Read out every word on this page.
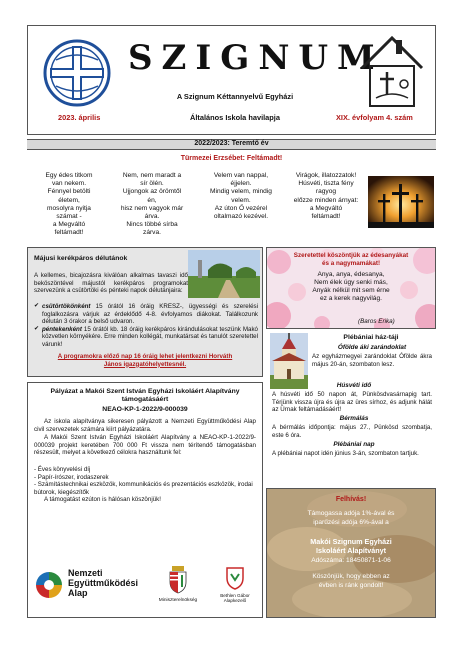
SZIGNUM
A Szignum Kéttannyelvű Egyházi
2023. április	Általános Iskola havilapja	XIX. évfolyam 4. szám
2022/2023: Teremtő év
Türmezei Erzsébet: Feltámadt!
Egy édes titkom
van nekem.
Fénnyel betölti
életem,
mosolyra nyitja
számat -
a Megváltó
feltámadt!
Nem, nem maradt a
sír ölén.
Ujjongok az örömtől
én,
hisz nem vagyok már
árva.
Nincs többé sírba
zárva.
Velem van nappal,
éjjelen.
Mindig velem, mindig
velem.
Az úton Ő vezérel
oltalmazó kezével.
Virágok, illatozzatok!
Húsvéti, tiszta fény
ragyog
előzze minden árnyat:
a Megváltó
feltámadt!
Májusi kerékpáros délutánok
A kellemes, bicajozásra kiválóan alkalmas tavaszi idő beköszöntével májustól kerékpáros programokat szervezünk a csütörtöki és pénteki napok délutánjaira:
✔ csütörtökönként 15 órától 16 óráig KRESZ-, ügyességi és szerelési foglalkozásra várjuk az érdeklődő 4-8. évfolyamos diákokat. Találkozunk délután 3 órakor a belső udvaron.
✔ péntekenként 15 órától kb. 18 óráig kerékpáros kirándulásokat teszünk Makó közvetlen környékére. Erre minden kollégát, munkatársat és tanulót szeretettel várunk!
A programokra előző nap 16 óráig lehet jelentkezni Horváth János igazgatóhelyettesnél.
Szeretettel köszöntjük az édesanyákat és a nagymamákat!
Anya, anya, édesanya,
Nem élek úgy senki más,
Anyák nélkül mit sem érne
ez a kerek nagyvilág.
(Baros Erika)
Plébániai ház-táji
Ófölde áki zarándoklat
Az egyházmegyei zarándoklat Ófölde ákra május 20-án, szombaton lesz.
Húsvéti idő
A húsvéti idő 50 napon át, Pünkösdvasárnapig tart. Térjünk vissza újra és újra az üres sírhoz, és adjunk hálát az Úrnak feltámadásáért!
Bérmálás
A bérmálás időpontja: május 27., Pünkösd szombatja, este 6 óra.
Plébániai nap
A plébániai napot idén június 3-án, szombaton tartjuk.
Pályázat a Makói Szent István Egyházi Iskoláért Alapítvány támogatásáért
NEAO-KP-1-2022/9-000039
Az iskola alapítványa sikeresen pályázott a Nemzeti Együttműködési Alap civil szervezetek számára kiírt pályázatára.
A Makói Szent István Egyházi Iskoláért Alapítvány a NEAO-KP-1-2022/9-000039 projekt keretében 700 000 Ft vissza nem térítendő támogatásban részesült, melyet a következő célokra használtunk fel:
- Éves könyvelési díj
- Papír-írószer, irodaszerek
- Számítástechnikai eszközök, kommunikációs és prezentációs eszközök, irodai bútorok, kiegészítők
A támogatást ezúton is hálósan köszönjük!
Nemzeti
Együttműködési
Alap
Miniszterelnökség
Bethlen Gábor Alapkezelő
Felhívás!
Támogassa adója 1%-ával és
iparűzési adója 6%-ával a
Makói Szignum Egyházi
Iskoláért Alapítványt
Adószáma: 18450871-1-06
Köszönjük, hogy ebben az
évben is ránk gondolt!
